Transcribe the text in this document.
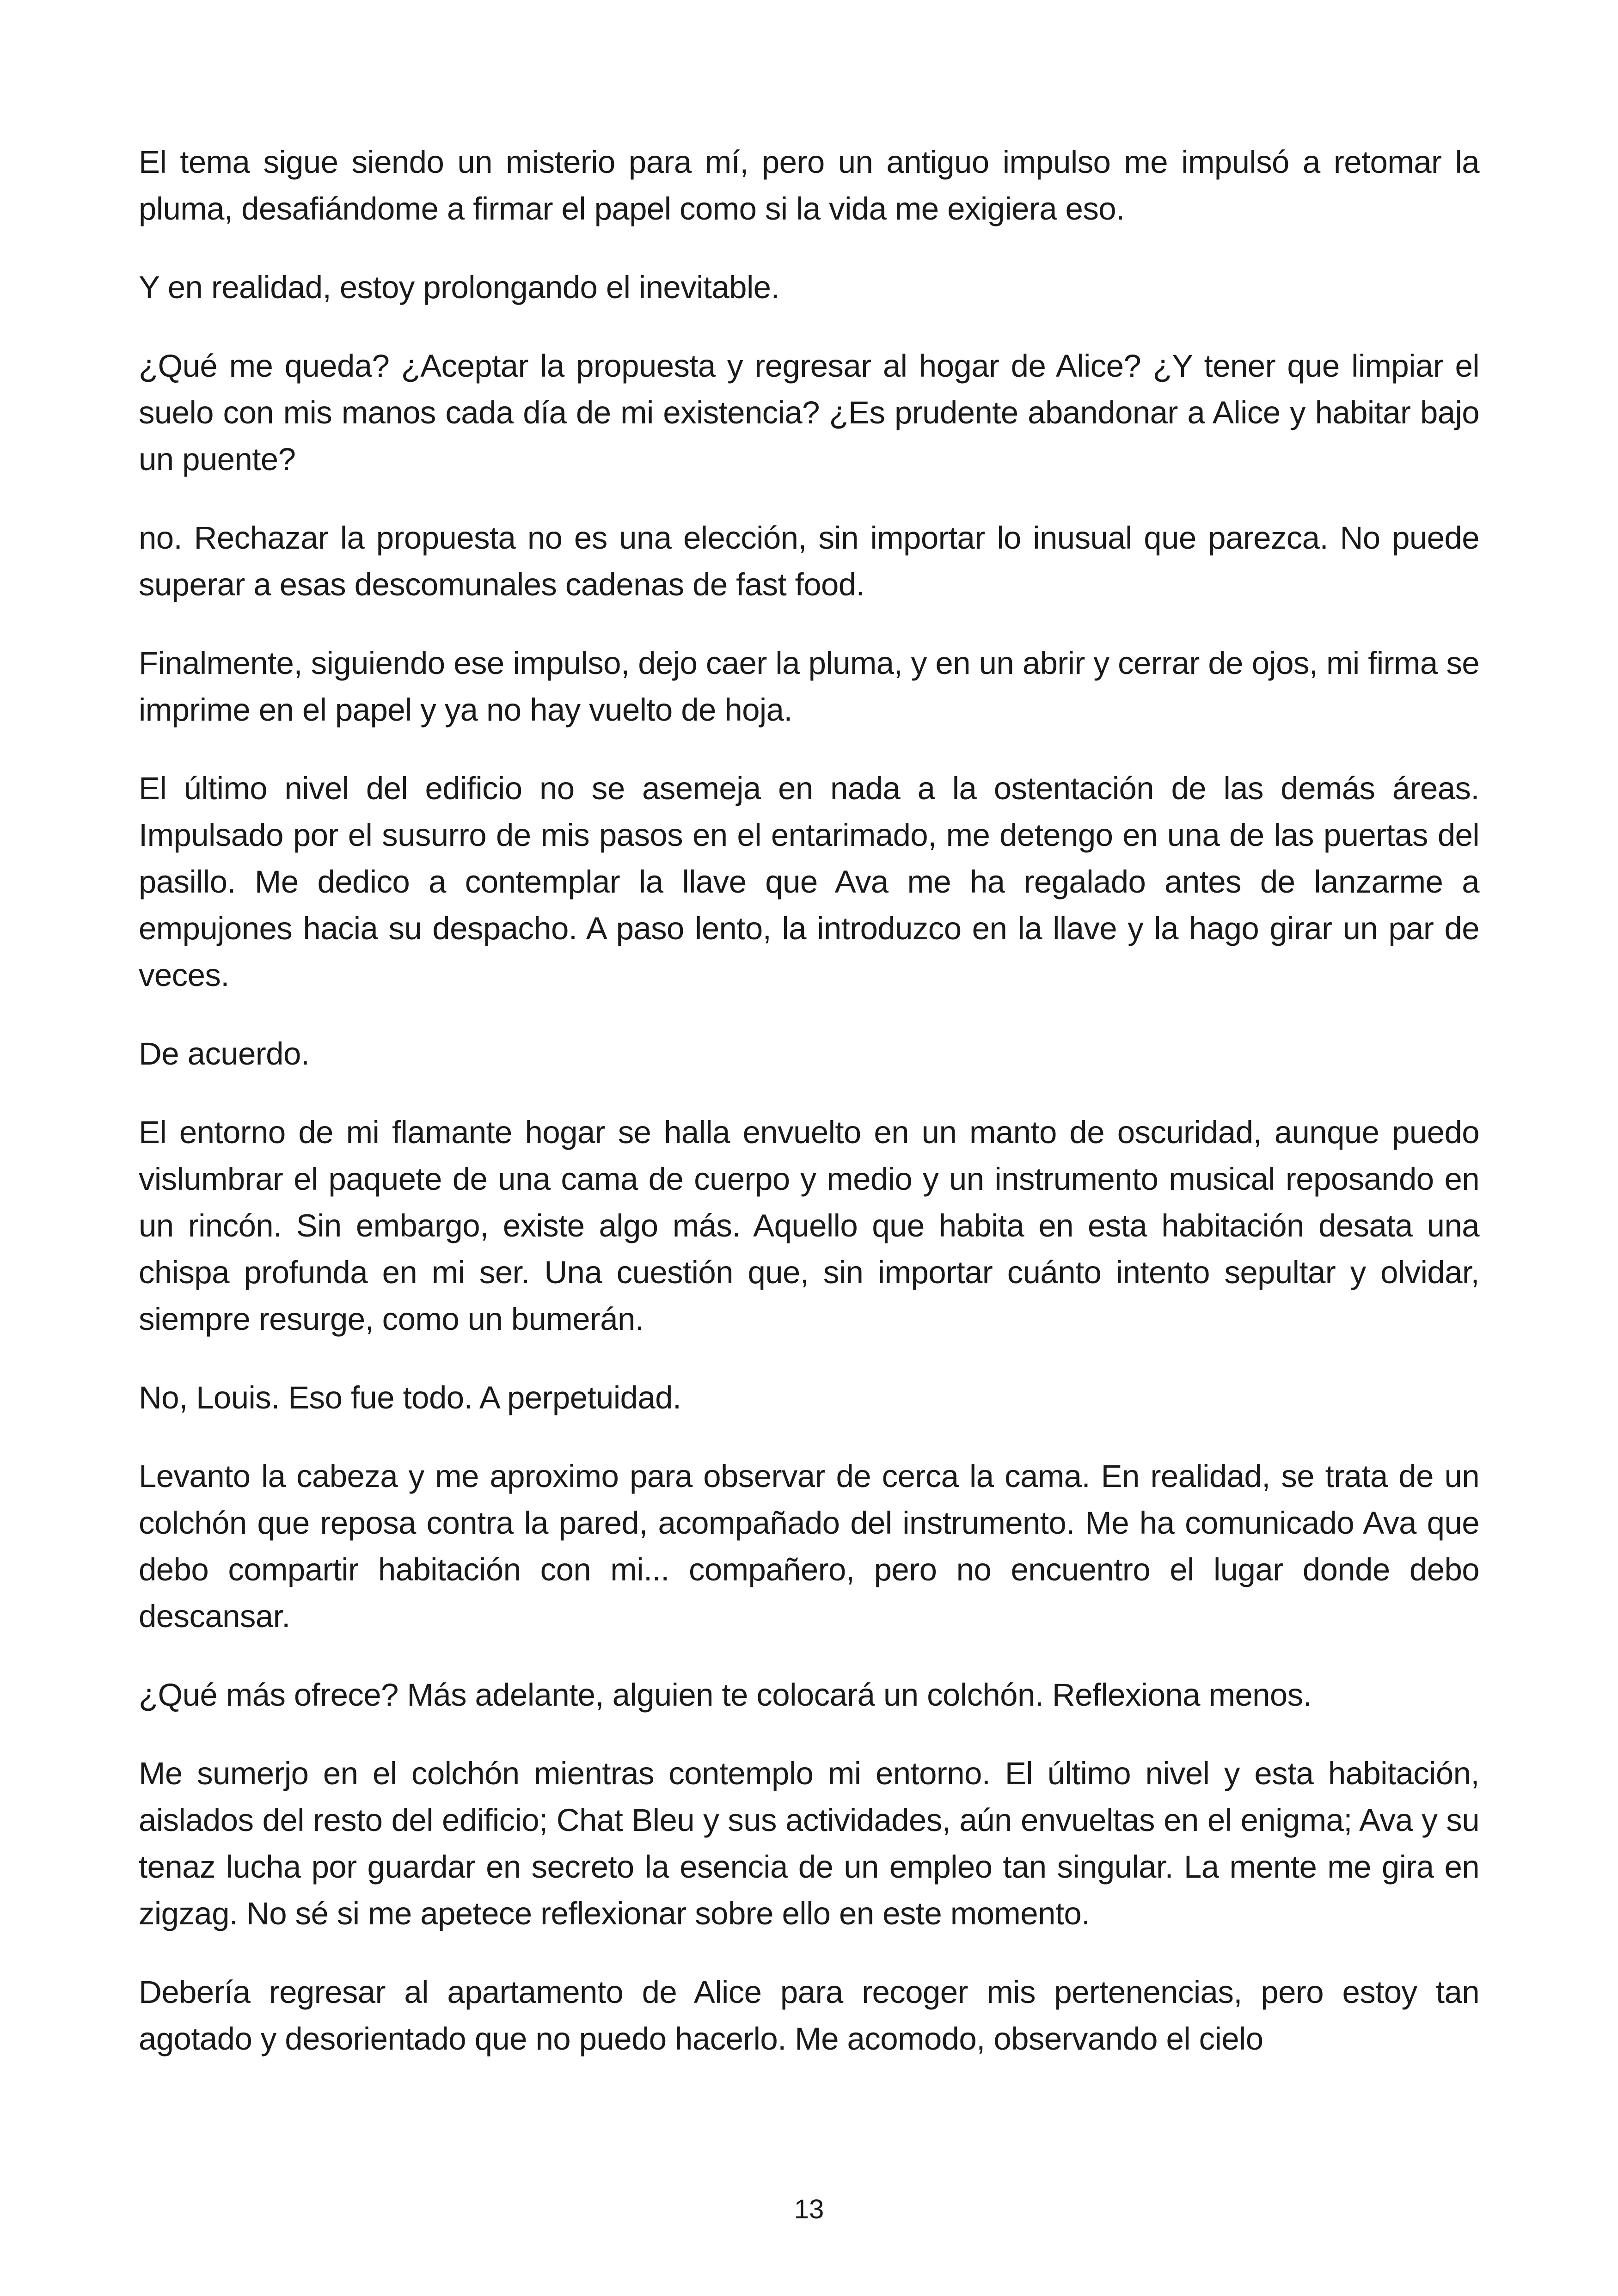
El tema sigue siendo un misterio para mí, pero un antiguo impulso me impulsó a retomar la pluma, desafiándome a firmar el papel como si la vida me exigiera eso.

Y en realidad, estoy prolongando el inevitable.

¿Qué me queda? ¿Aceptar la propuesta y regresar al hogar de Alice? ¿Y tener que limpiar el suelo con mis manos cada día de mi existencia? ¿Es prudente abandonar a Alice y habitar bajo un puente?

no. Rechazar la propuesta no es una elección, sin importar lo inusual que parezca. No puede superar a esas descomunales cadenas de fast food.

Finalmente, siguiendo ese impulso, dejo caer la pluma, y en un abrir y cerrar de ojos, mi firma se imprime en el papel y ya no hay vuelto de hoja.

El último nivel del edificio no se asemeja en nada a la ostentación de las demás áreas. Impulsado por el susurro de mis pasos en el entarimado, me detengo en una de las puertas del pasillo. Me dedico a contemplar la llave que Ava me ha regalado antes de lanzarme a empujones hacia su despacho. A paso lento, la introduzco en la llave y la hago girar un par de veces.

De acuerdo.

El entorno de mi flamante hogar se halla envuelto en un manto de oscuridad, aunque puedo vislumbrar el paquete de una cama de cuerpo y medio y un instrumento musical reposando en un rincón. Sin embargo, existe algo más. Aquello que habita en esta habitación desata una chispa profunda en mi ser. Una cuestión que, sin importar cuánto intento sepultar y olvidar, siempre resurge, como un bumerán.

No, Louis. Eso fue todo. A perpetuidad.

Levanto la cabeza y me aproximo para observar de cerca la cama. En realidad, se trata de un colchón que reposa contra la pared, acompañado del instrumento. Me ha comunicado Ava que debo compartir habitación con mi... compañero, pero no encuentro el lugar donde debo descansar.

¿Qué más ofrece? Más adelante, alguien te colocará un colchón. Reflexiona menos.

Me sumerjo en el colchón mientras contemplo mi entorno. El último nivel y esta habitación, aislados del resto del edificio; Chat Bleu y sus actividades, aún envueltas en el enigma; Ava y su tenaz lucha por guardar en secreto la esencia de un empleo tan singular. La mente me gira en zigzag. No sé si me apetece reflexionar sobre ello en este momento.

Debería regresar al apartamento de Alice para recoger mis pertenencias, pero estoy tan agotado y desorientado que no puedo hacerlo. Me acomodo, observando el cielo

13
